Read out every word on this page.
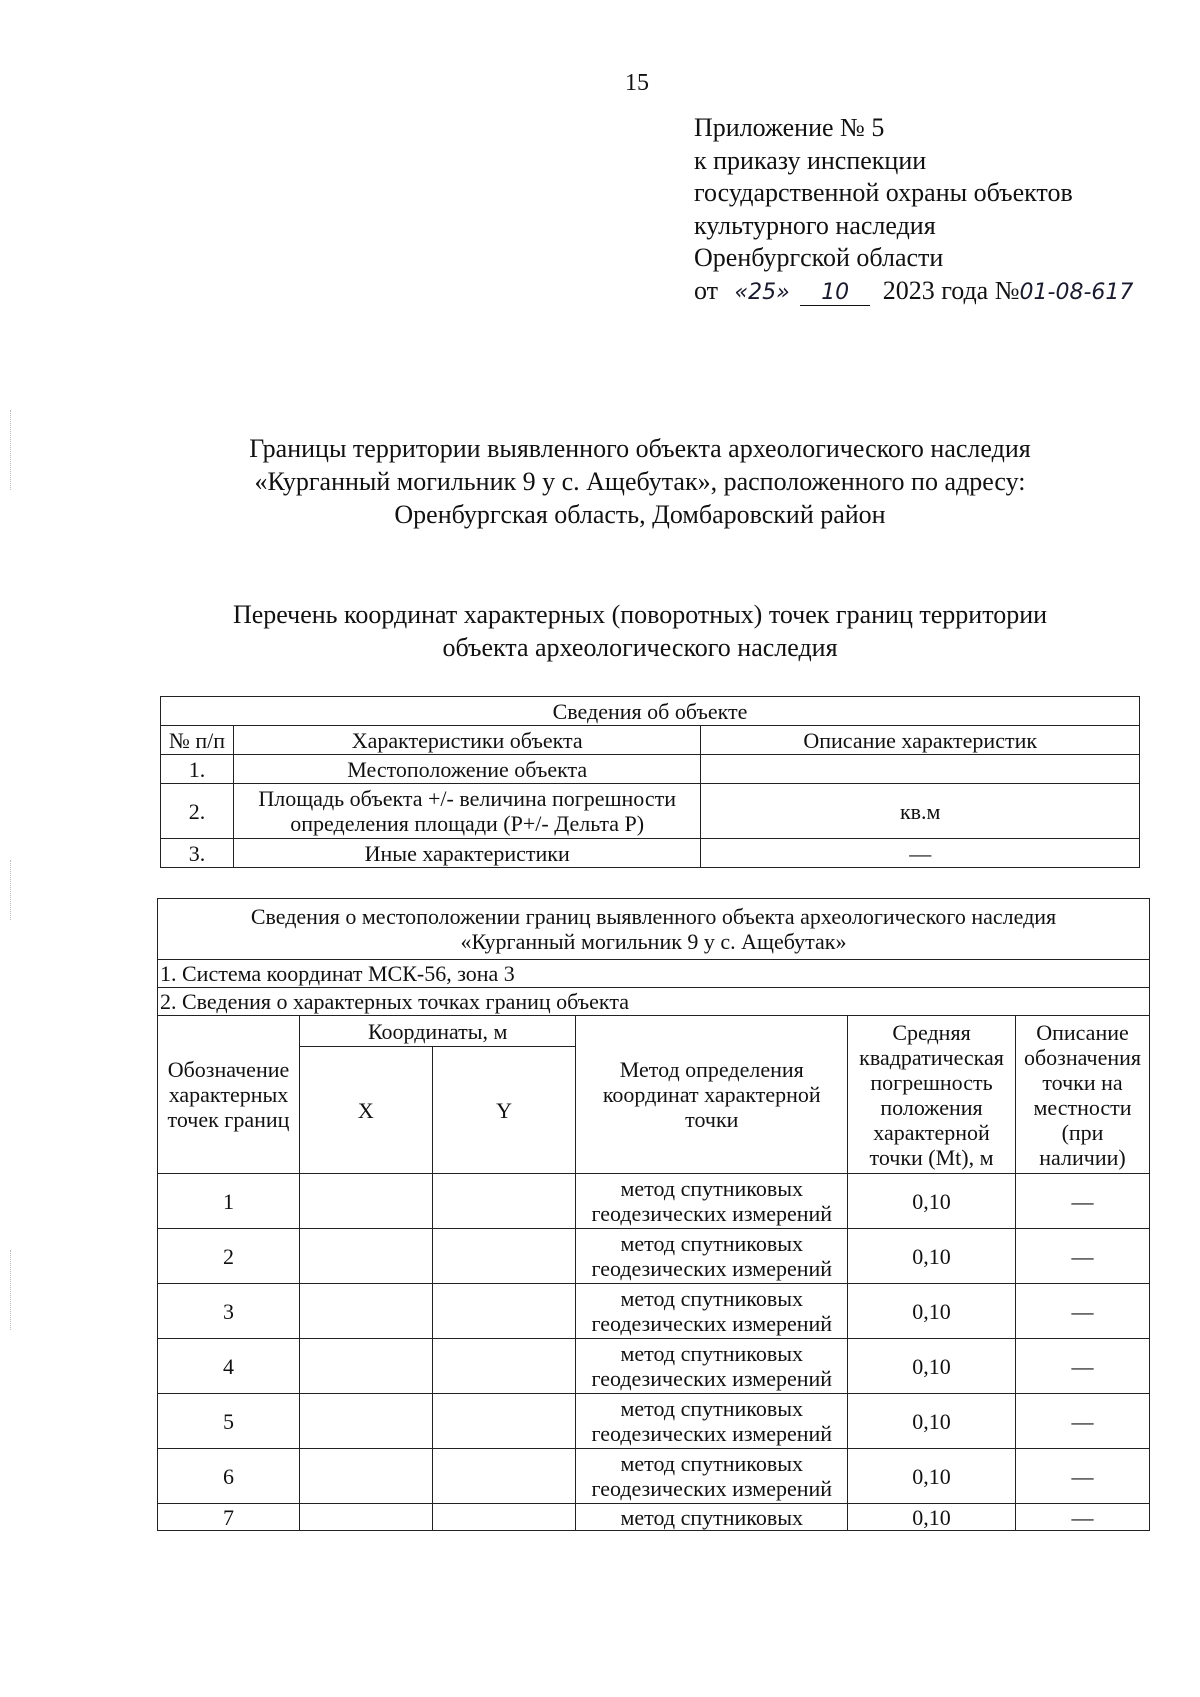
15
Приложение № 5
к приказу инспекции
государственной охраны объектов
культурного наследия
Оренбургской области
от «25» 10 2023 года №01-08-617
Границы территории выявленного объекта археологического наследия
«Курганный могильник 9 у с. Ащебутак», расположенного по адресу:
Оренбургская область, Домбаровский район
Перечень координат характерных (поворотных) точек границ территории
объекта археологического наследия
Сведения об объекте		
№ п/п	Характеристики объекта	Описание характеристик
1.	Местоположение объекта	
2.	Площадь объекта +/- величина погрешности определения площади (P+/- Дельта P)	кв.м
3.	Иные характеристики	—
Сведения о местоположении границ выявленного объекта археологического наследия
«Курганный могильник 9 у с. Ащебутак»					

1. Система координат МСК-56, зона 3					
2. Сведения о характерных точках границ объекта					
Обозначение характерных точек границ	Координаты, м		Метод определения координат характерной точки	Средняя квадратическая погрешность положения характерной точки (Mt), м	Описание обозначения точки на местности (при наличии)
	X	Y			
1			метод спутниковых геодезических измерений	0,10	—
2			метод спутниковых геодезических измерений	0,10	—
3			метод спутниковых геодезических измерений	0,10	—
4			метод спутниковых геодезических измерений	0,10	—
5			метод спутниковых геодезических измерений	0,10	—
6			метод спутниковых геодезических измерений	0,10	—
7			метод спутниковых	0,10	—
